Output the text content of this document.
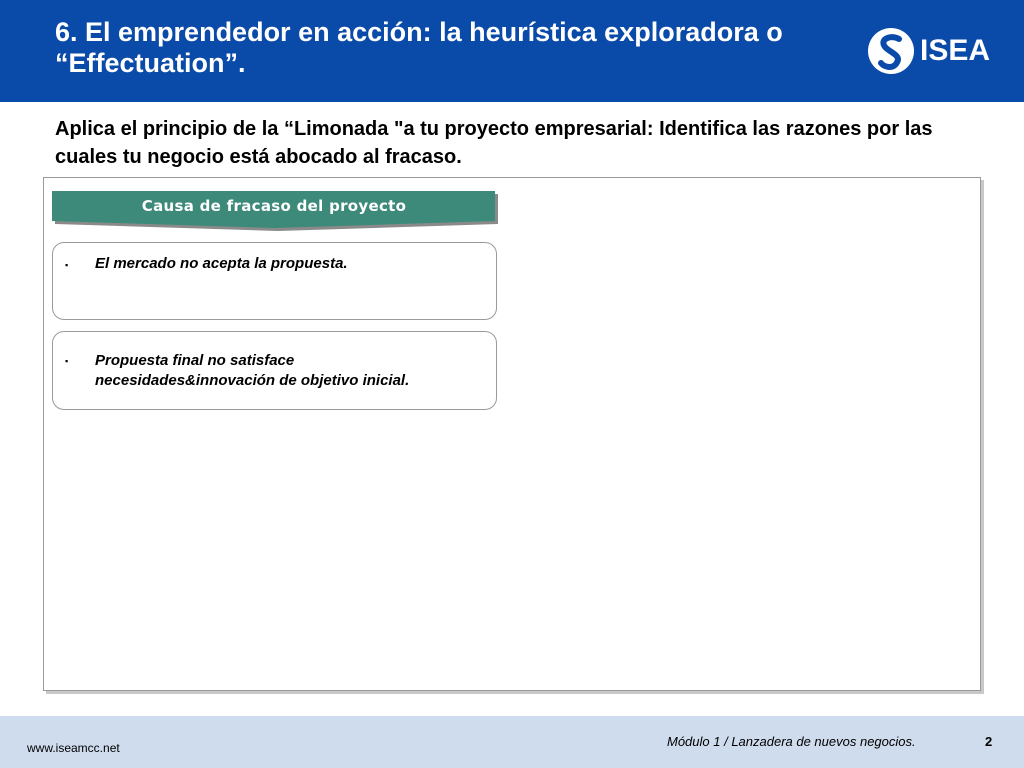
6. El emprendedor en acción: la heurística exploradora o
“Effectuation”.	ISEA
Aplica el principio de la “Limonada "a tu proyecto empresarial: Identifica las razones por las cuales tu negocio está abocado al fracaso.
Causa de fracaso del proyecto
▪ El mercado no acepta la propuesta.
▪ Propuesta final no satisface
necesidades&innovación de objetivo inicial.
www.iseamcc.net	Módulo 1 / Lanzadera de nuevos negocios.	2
